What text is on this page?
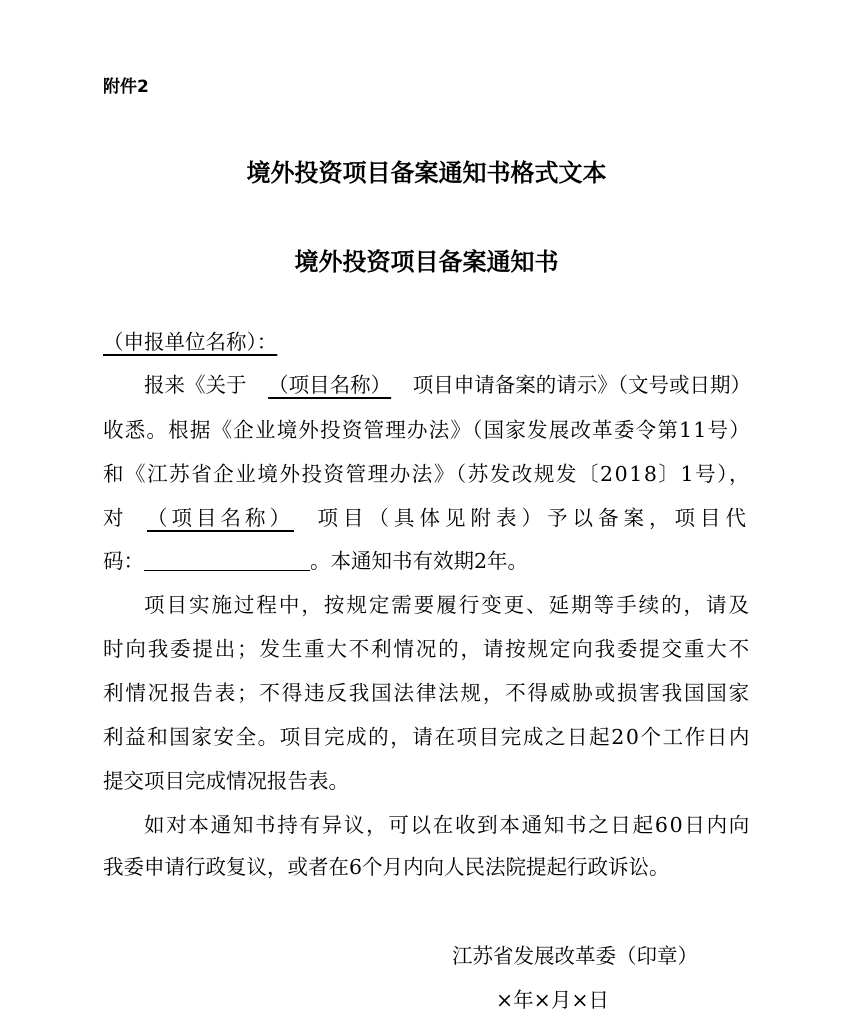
附件2
境外投资项目备案通知书格式文本
境外投资项目备案通知书
（申报单位名称）：
报来《关于 （项目名称） 项目申请备案的请示》（文号或日期）
收悉。根据《企业境外投资管理办法》（国家发展改革委令第11号）
和《江苏省企业境外投资管理办法》（苏发改规发〔2018〕1号），
对 （项目名称） 项目（具体见附表）予以备案，项目代
码：	。本通知书有效期2年。
项目实施过程中，按规定需要履行变更、延期等手续的，请及
时向我委提出；发生重大不利情况的，请按规定向我委提交重大不
利情况报告表；不得违反我国法律法规，不得威胁或损害我国国家
利益和国家安全。项目完成的，请在项目完成之日起20个工作日内
提交项目完成情况报告表。
如对本通知书持有异议，可以在收到本通知书之日起60日内向
我委申请行政复议，或者在6个月内向人民法院提起行政诉讼。
江苏省发展改革委（印章）
×年×月×日
